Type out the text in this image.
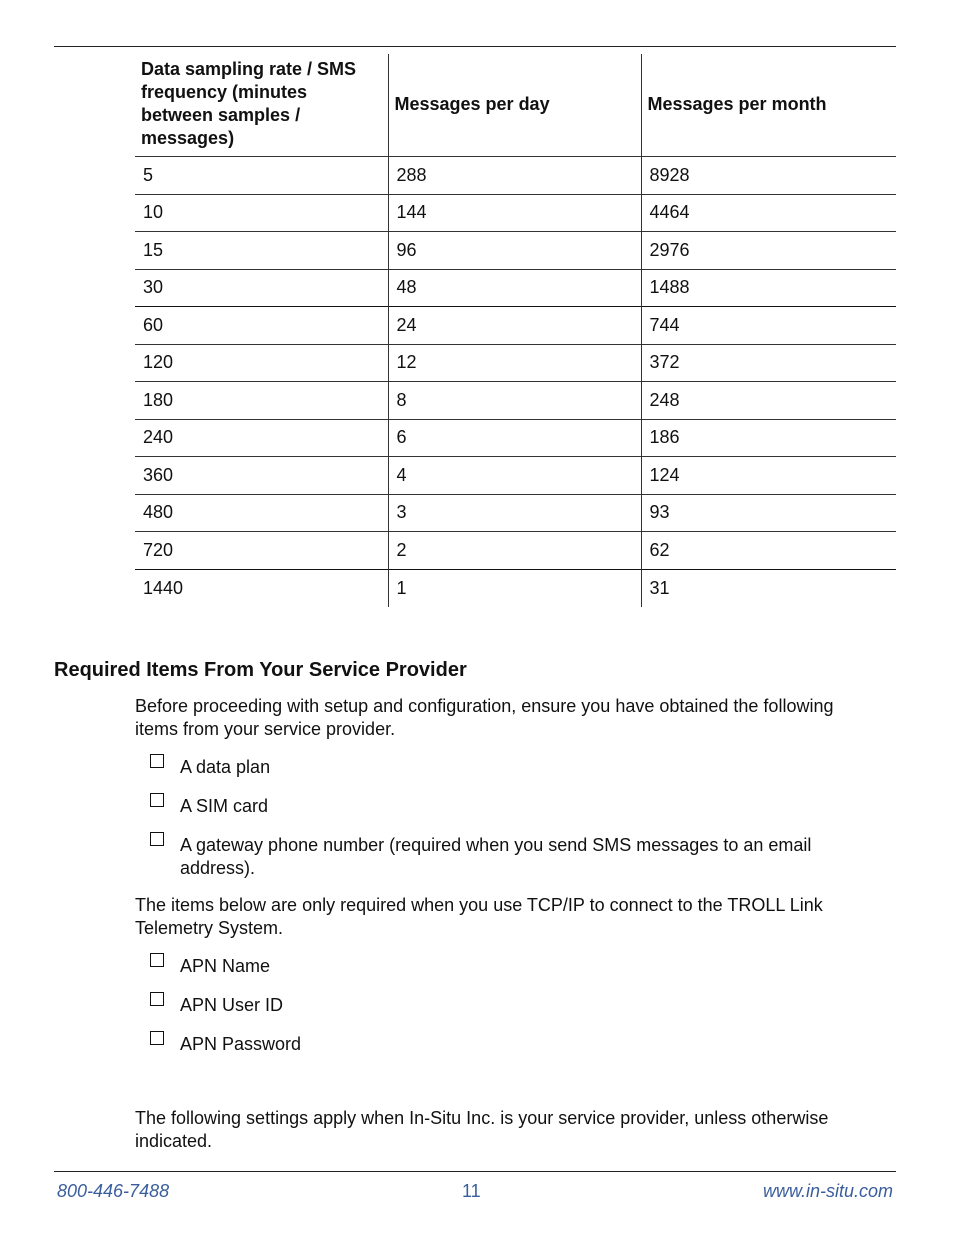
Data sampling rate / SMS frequency (minutes between samples / messages)	Messages per day	Messages per month
5	288	8928
10	144	4464
15	96	2976
30	48	1488
60	24	744
120	12	372
180	8	248
240	6	186
360	4	124
480	3	93
720	2	62
1440	1	31
Required Items From Your Service Provider

Before proceeding with setup and configuration, ensure you have obtained the following items from your service provider.

A data plan
A SIM card
A gateway phone number (required when you send SMS messages to an email address).

The items below are only required when you use TCP/IP to connect to the TROLL Link Telemetry System.

APN Name
APN User ID
APN Password

The following settings apply when In-Situ Inc. is your service provider, unless otherwise indicated.

800-446-7488	11	www.in-situ.com
